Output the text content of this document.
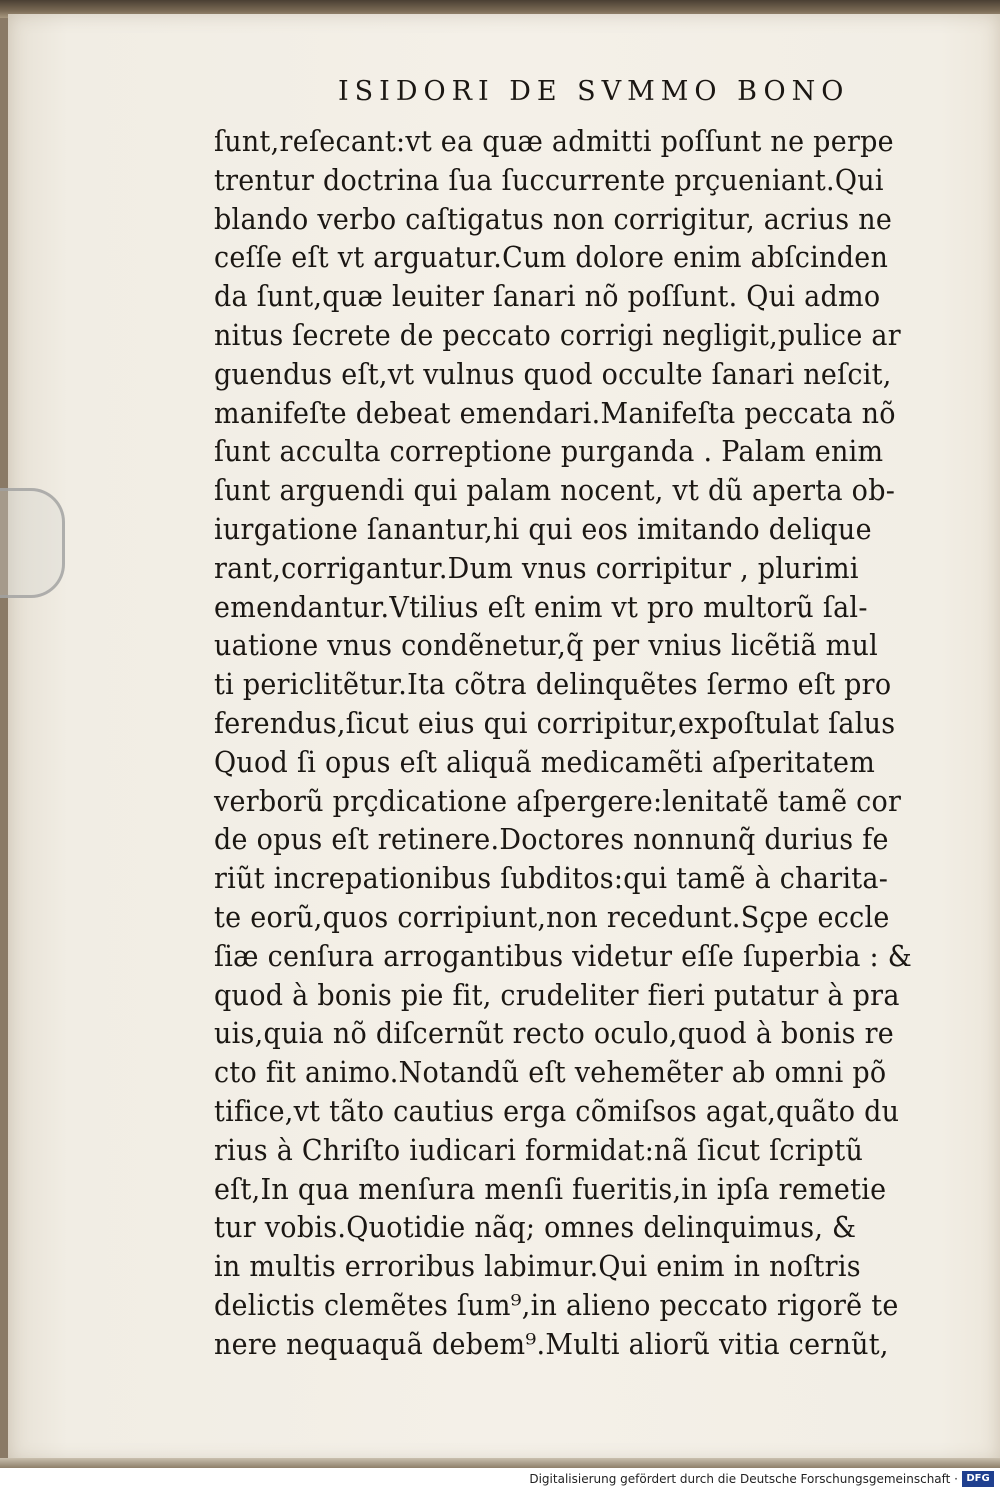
ISIDORI DE SVMMO BONO
ſunt,reſecant:vt ea quæ admitti poſſunt ne perpe
trentur doctrina ſua ſuccurrente prçueniant.Qui
blando verbo caſtigatus non corrigitur, acrius ne
ceſſe eſt vt arguatur.Cum dolore enim abſcinden
da ſunt,quæ leuiter ſanari nõ poſſunt. Qui admo
nitus ſecrete de peccato corrigi negligit,pulice ar
guendus eſt,vt vulnus quod occulte ſanari neſcit,
manifeſte debeat emendari.Manifeſta peccata nõ
ſunt acculta correptione purganda . Palam enim
ſunt arguendi qui palam nocent, vt dũ aperta ob-
iurgatione ſanantur,hi qui eos imitando delique
rant,corrigantur.Dum vnus corripitur , plurimi
emendantur.Vtilius eſt enim vt pro multorũ ſal-
uatione vnus condẽnetur,q̃ per vnius licẽtiã mul
ti periclitẽtur.Ita cõtra delinquẽtes ſermo eſt pro
ferendus,ſicut eius qui corripitur,expoſtulat ſalus
Quod ſi opus eſt aliquã medicamẽti aſperitatem
verborũ prçdicatione aſpergere:lenitatẽ tamẽ cor
de opus eſt retinere.Doctores nonnunq̃ durius fe
riũt increpationibus ſubditos:qui tamẽ à charita-
te eorũ,quos corripiunt,non recedunt.Sçpe eccle
ſiæ cenſura arrogantibus videtur eſſe ſuperbia : &
quod à bonis pie fit, crudeliter fieri putatur à pra
uis,quia nõ diſcernũt recto oculo,quod à bonis re
cto fit animo.Notandũ eſt vehemẽter ab omni põ
tifice,vt tãto cautius erga cõmiſsos agat,quãto du
rius à Chriſto iudicari formidat:nã ſicut ſcriptũ
eſt,In qua menſura menſi fueritis,in ipſa remetie
tur vobis.Quotidie nãq; omnes delinquimus, &
in multis erroribus labimur.Qui enim in noſtris
delictis clemẽtes ſum⁹,in alieno peccato rigorẽ te
nere nequaquã debem⁹.Multi aliorũ vitia cernũt,
Digitalisierung gefördert durch die Deutsche Forschungsgemeinschaft · DFG
